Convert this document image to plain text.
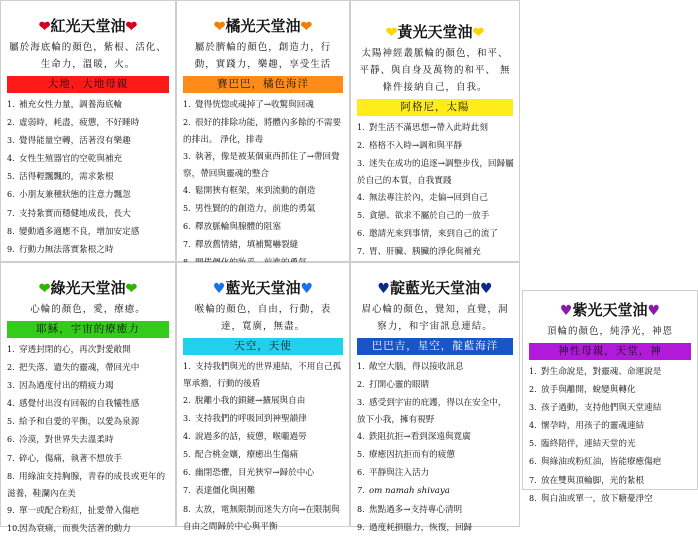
❤紅光天堂油❤
屬於海底輪的顏色，紫根、活化、生命力，溫暖，火。
大地，大地母親
1. 補充女性力量，調養海底輪
2. 虛弱時，耗盡，疲憊，不好睡時
3. 覺得能量空轉，活著沒有樂趣
4. 女性生殖器官的空乾與補充
5. 活得輕飄飄的，需求紮根
6. 小朋友兼種狀態的注意力飄忽
7. 支持紮實而穩健地成長，長大
8. 變動過多適應不良，增加安定感
9. 行動力無法落實紮根之時
❤橘光天堂油❤
屬於臍輪的顏色，創造力，行動，實踐力，樂趣，享受生活
賽巴巴，橘色海洋
1. 覺得恍惚或魂掉了→收驚與回魂
2. 很好的排除功能，將體內多餘的不需要的排出。 淨化，排毒
3. 執著，像是被某個東西抓住了→帶回覺察，帶回與靈魂的整合
4. 鬆開狹有框架，來到流動的創造
5. 男性賢的的創造力，前進的勇氣
6. 釋放脈輪與腺體的阻塞
7. 釋放舊情緒，填補驚嚇裂縫
❤黃光天堂油❤
太陽神經叢脈輪的顏色，和平、平靜、與自身及萬物的和平、 無條件接納自己，自我。
阿格尼，太陽
1. 對生活不滿思想→帶入此時此刻
2. 格格不入時→調和與平靜
3. 迷失在成功的追逐→調整步伐，回歸屬於自己的本質，自我實踐
4. 無法專注於內，走偏→回到自己
5. 貪戀、欲求不屬於自己的一放手
6. 邀請光來到事情，來到自己的流了
7. 胃、肝臟、胰臟的淨化與補充
❤綠光天堂油❤
心輪的顏色，愛，療癒。
耶穌，宇宙的療癒力
1. 穿透封閉的心，再次對愛敞開
2. 把失落、遺失的靈魂，帶回光中
3. 因為過度付出的精疲力竭
4. 感覺付出沒有回報的自我犧牲感
5. 給予和自愛的平衡，以愛為泉源
6. 冷漠，對世界失去溫柔時
7. 碎心，傷痛，執著不想放手
8. 用綠油支持胸腺，青春的成長或更年的滋養，鞋瀾內在美
9. 單一或配合粉紅，扯愛帶入傷疤
10.因為衰痛，而喪失活著的動力
♥藍光天堂油♥
喉輪的顏色，自由，行動，表達，寬廣，無盡。
天空，天使
1. 支持我們與光的世界連結，不用自己孤單承擔，行動的後盾
2. 脫離小我的鎖鏈→擴展與自由
3. 支持我們的呼吸回到神聖韻律
4. 說過多的話，疲憊，喉嚨過勞
5. 配合桃金孃，療癒出生傷痛
6. 幽閉恐懼，目光狹窄→歸於中心
7. 表達僵化與困難
8. 太放，電無限制而迷失方向→在限制與自由之間歸於中心與平衡
♥靛藍光天堂油♥
眉心輪的顏色，覺知，直覺，洞察力，和宇宙訊息連結。
巴巴吉，星空，靛藍海洋
1. 敞空大腦，得以接收訊息
2. 打開心靈的眼睛
3. 感受到宇宙的庇護，得以在安全中，放下小我，擁有視野
4. 鉄阻抗拒→看到深遠與寬廣
5. 療癒因抗拒而有的疲憊
6. 平靜與注入活力
7. om namah shivaya
8. 焦點過多→支持專心清明
9. 過度耗損腦力，恢復，回歸
♥紫光天堂油♥
頂輪的顏色，純淨光，神恩
神性母親，天堂，神
1. 對生命說是，對靈魂、命運說是
2. 放手與離開，蛻變與轉化
3. 孩子過動，支持他們與天堂連結
4. 懷孕時，用孩子的靈魂連結
5. 臨終陪伴，連結天堂的光
6. 與綠油或粉紅油，皆能療癒傷疤
7. 放在雙與頂輪脚，光的紮根
8. 與白油或單一，放下糖憂淨空
